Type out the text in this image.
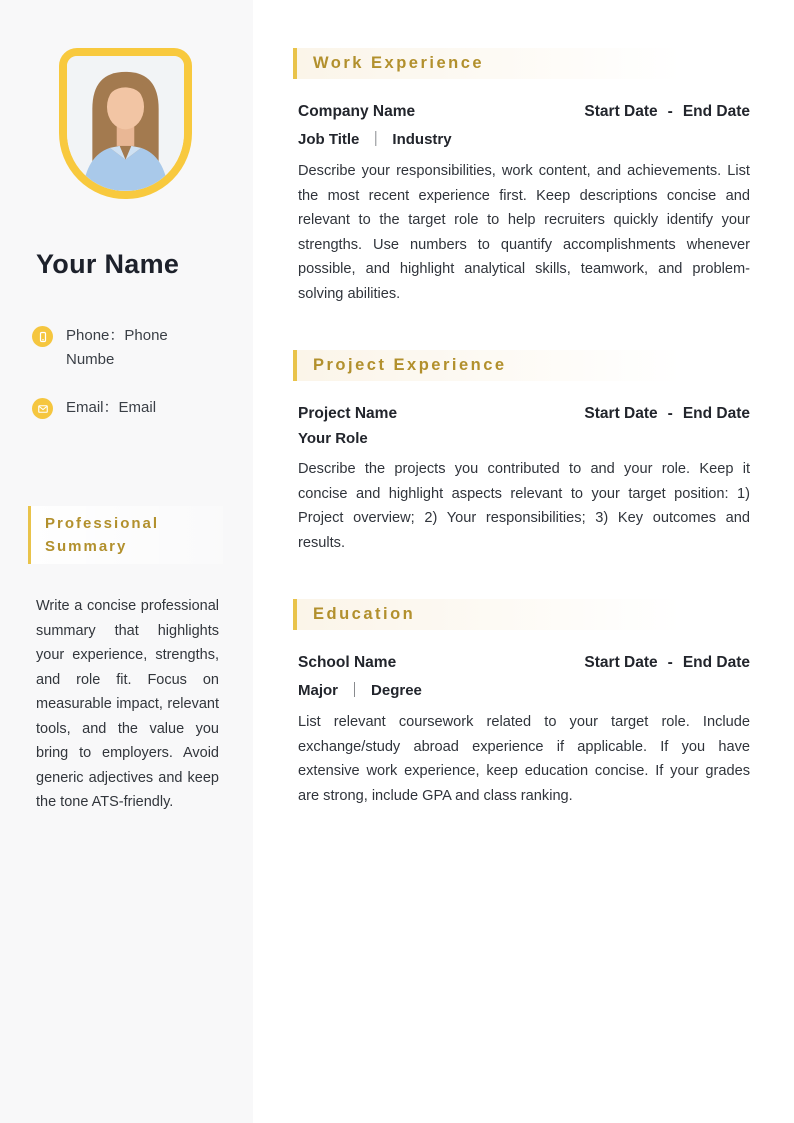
Your Name
Phone：Phone Numbe
Email：Email
Professional Summary

Write a concise professional summary that highlights your experience, strengths, and role fit. Focus on measurable impact, relevant tools, and the value you bring to employers. Avoid generic adjectives and keep the tone ATS-friendly.

Work Experience
Company Name	Start Date - End Date
Job Title ｜ Industry

Describe your responsibilities, work content, and achievements. List the most recent experience first. Keep descriptions concise and relevant to the target role to help recruiters quickly identify your strengths. Use numbers to quantify accomplishments whenever possible, and highlight analytical skills, teamwork, and problem-solving abilities.

Project Experience
Project Name	Start Date - End Date
Your Role

Describe the projects you contributed to and your role. Keep it concise and highlight aspects relevant to your target position: 1) Project overview; 2) Your responsibilities; 3) Key outcomes and results.

Education
School Name	Start Date - End Date
Major ｜ Degree

List relevant coursework related to your target role. Include exchange/study abroad experience if applicable. If you have extensive work experience, keep education concise. If your grades are strong, include GPA and class ranking.
